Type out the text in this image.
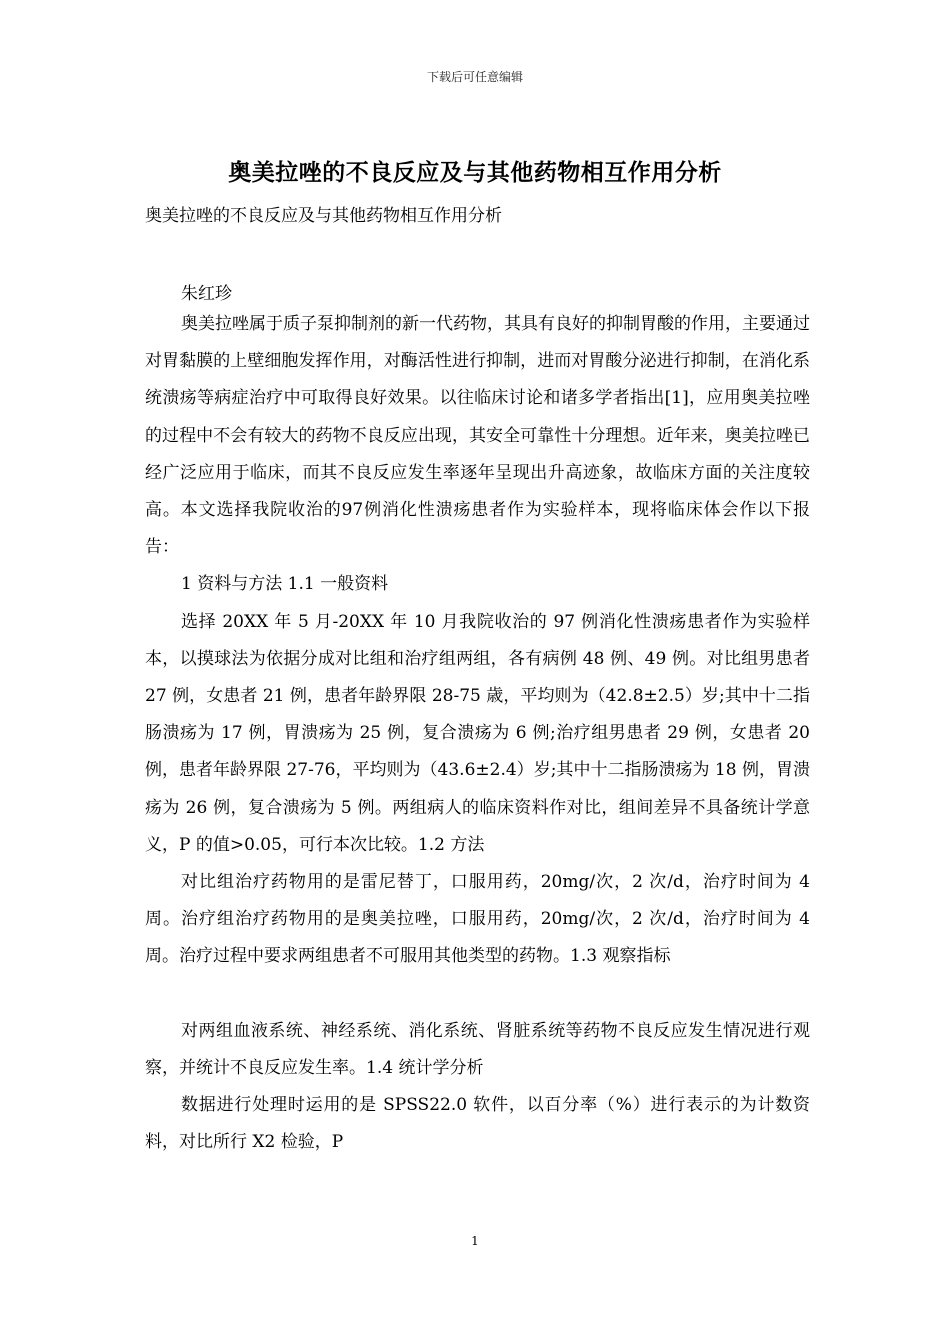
下载后可任意编辑
奥美拉唑的不良反应及与其他药物相互作用分析
奥美拉唑的不良反应及与其他药物相互作用分析
朱红珍

奥美拉唑属于质子泵抑制剂的新一代药物，其具有良好的抑制胃酸的作用，主要通过对胃黏膜的上壁细胞发挥作用，对酶活性进行抑制，进而对胃酸分泌进行抑制，在消化系统溃疡等病症治疗中可取得良好效果。以往临床讨论和诸多学者指出[1]，应用奥美拉唑的过程中不会有较大的药物不良反应出现，其安全可靠性十分理想。近年来，奥美拉唑已经广泛应用于临床，而其不良反应发生率逐年呈现出升高迹象，故临床方面的关注度较高。本文选择我院收治的97例消化性溃疡患者作为实验样本，现将临床体会作以下报告：

1 资料与方法 1.1 一般资料

选择 20XX 年 5 月-20XX 年 10 月我院收治的 97 例消化性溃疡患者作为实验样本，以摸球法为依据分成对比组和治疗组两组，各有病例 48 例、49 例。对比组男患者 27 例，女患者 21 例，患者年龄界限 28-75 歳，平均则为（42.8±2.5）岁;其中十二指肠溃疡为 17 例，胃溃疡为 25 例，复合溃疡为 6 例;治疗组男患者 29 例，女患者 20 例，患者年龄界限 27-76，平均则为（43.6±2.4）岁;其中十二指肠溃疡为 18 例，胃溃疡为 26 例，复合溃疡为 5 例。两组病人的临床资料作对比，组间差异不具备统计学意义，P 的值>0.05，可行本次比较。1.2 方法

对比组治疗药物用的是雷尼替丁，口服用药，20mg/次，2 次/d，治疗时间为 4 周。治疗组治疗药物用的是奥美拉唑，口服用药，20mg/次，2 次/d，治疗时间为 4 周。治疗过程中要求两组患者不可服用其他类型的药物。1.3 观察指标

对两组血液系统、神经系统、消化系统、肾脏系统等药物不良反应发生情况进行观察，并统计不良反应发生率。1.4 统计学分析

数据进行处理时运用的是 SPSS22.0 软件，以百分率（%）进行表示的为计数资料，对比所行 X2 检验，P

1
